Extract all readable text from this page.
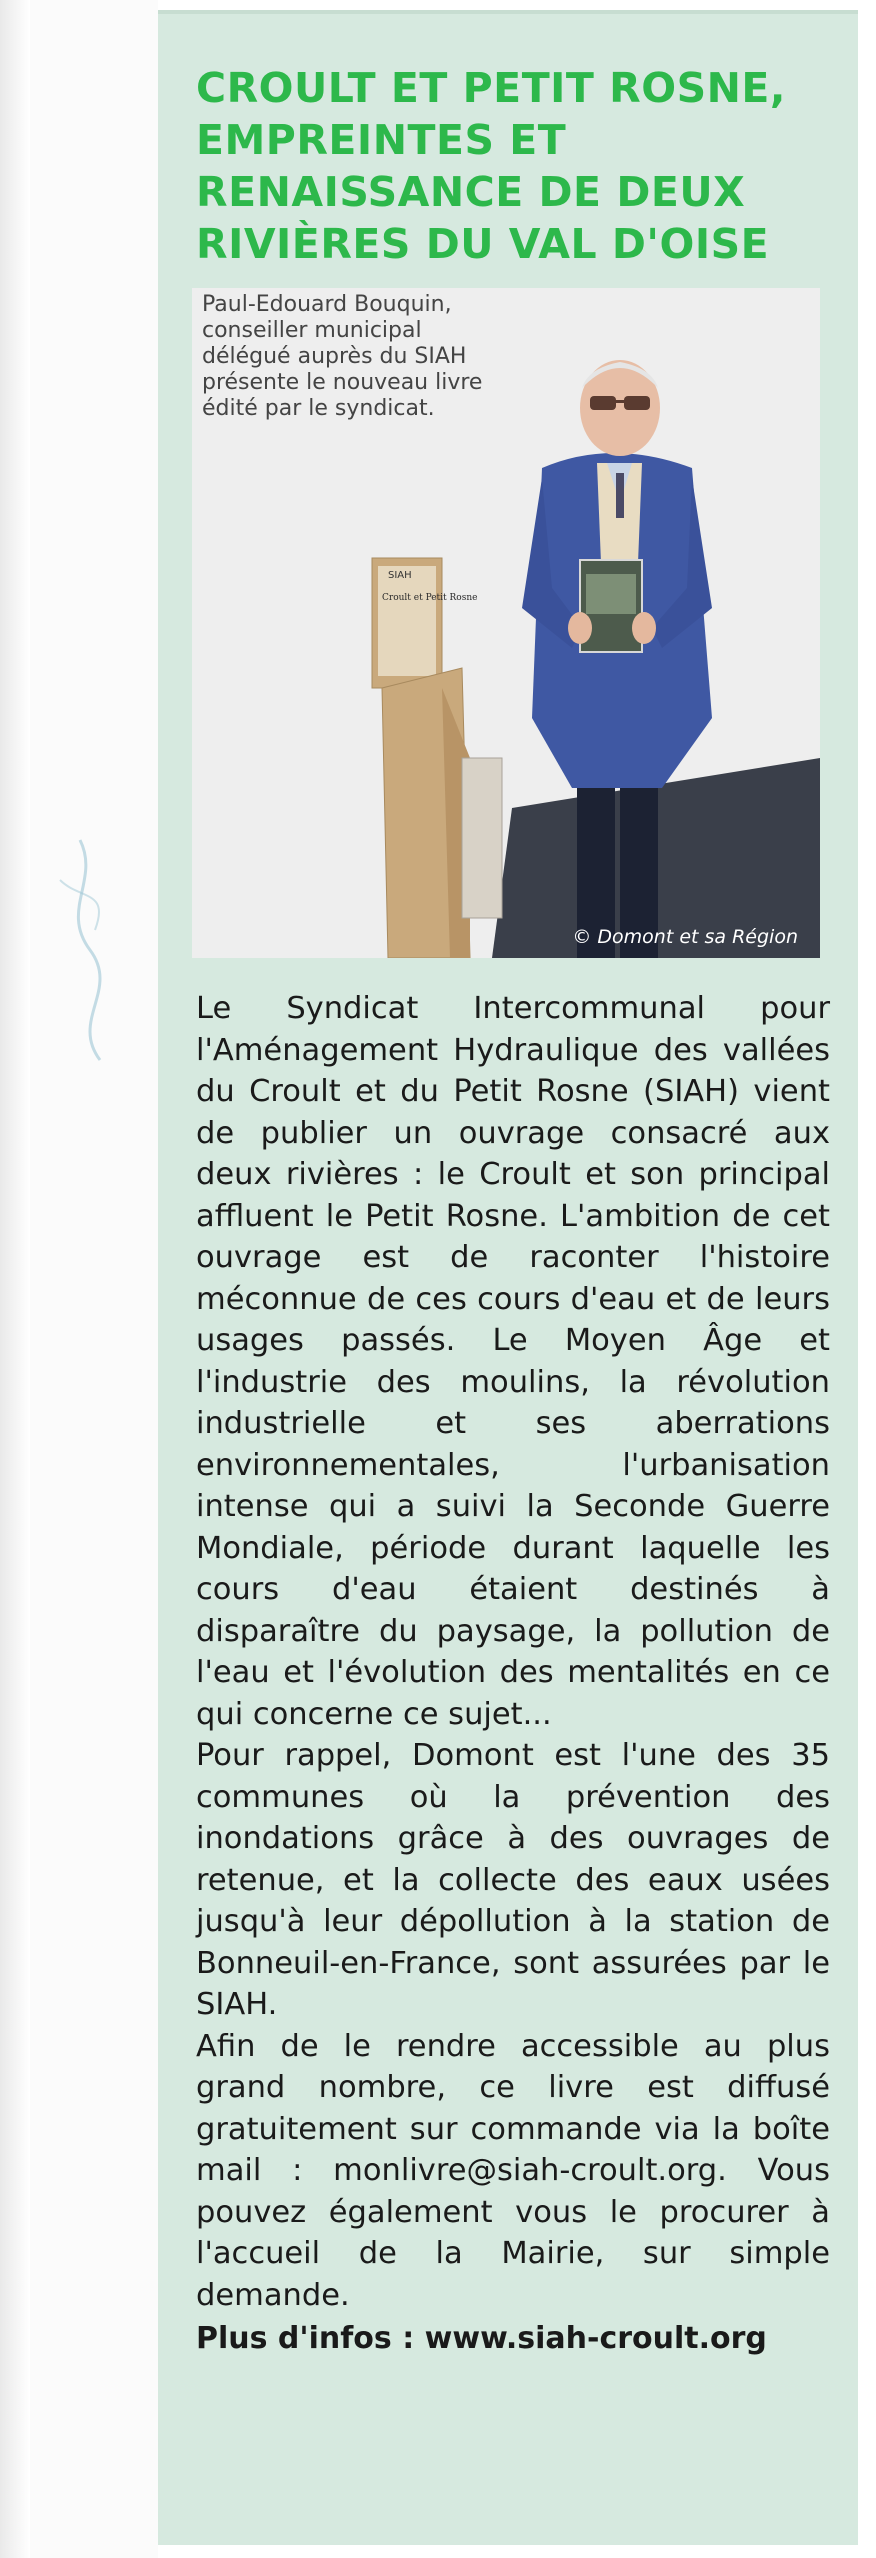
CROULT ET PETIT ROSNE, EMPREINTES ET RENAISSANCE DE DEUX RIVIÈRES DU VAL D'OISE
SIAH
Croult et Petit Rosne
Paul-Edouard Bouquin, conseiller municipal délégué auprès du SIAH présente le nouveau livre édité par le syndicat.
© Domont et sa Région

Le Syndicat Intercommunal pour l'Aménagement Hydraulique des vallées du Croult et du Petit Rosne (SIAH) vient de publier un ouvrage consacré aux deux rivières : le Croult et son principal affluent le Petit Rosne. L'ambition de cet ouvrage est de raconter l'histoire méconnue de ces cours d'eau et de leurs usages passés. Le Moyen Âge et l'industrie des moulins, la révolution industrielle et ses aberrations environnementales, l'urbanisation intense qui a suivi la Seconde Guerre Mondiale, période durant laquelle les cours d'eau étaient destinés à disparaître du paysage, la pollution de l'eau et l'évolution des mentalités en ce qui concerne ce sujet...

Pour rappel, Domont est l'une des 35 communes où la prévention des inondations grâce à des ouvrages de retenue, et la collecte des eaux usées jusqu'à leur dépollution à la station de Bonneuil-en-France, sont assurées par le SIAH.

Afin de le rendre accessible au plus grand nombre, ce livre est diffusé gratuitement sur commande via la boîte mail : monlivre@siah-croult.org. Vous pouvez également vous le procurer à l'accueil de la Mairie, sur simple demande.

Plus d'infos : www.siah-croult.org
